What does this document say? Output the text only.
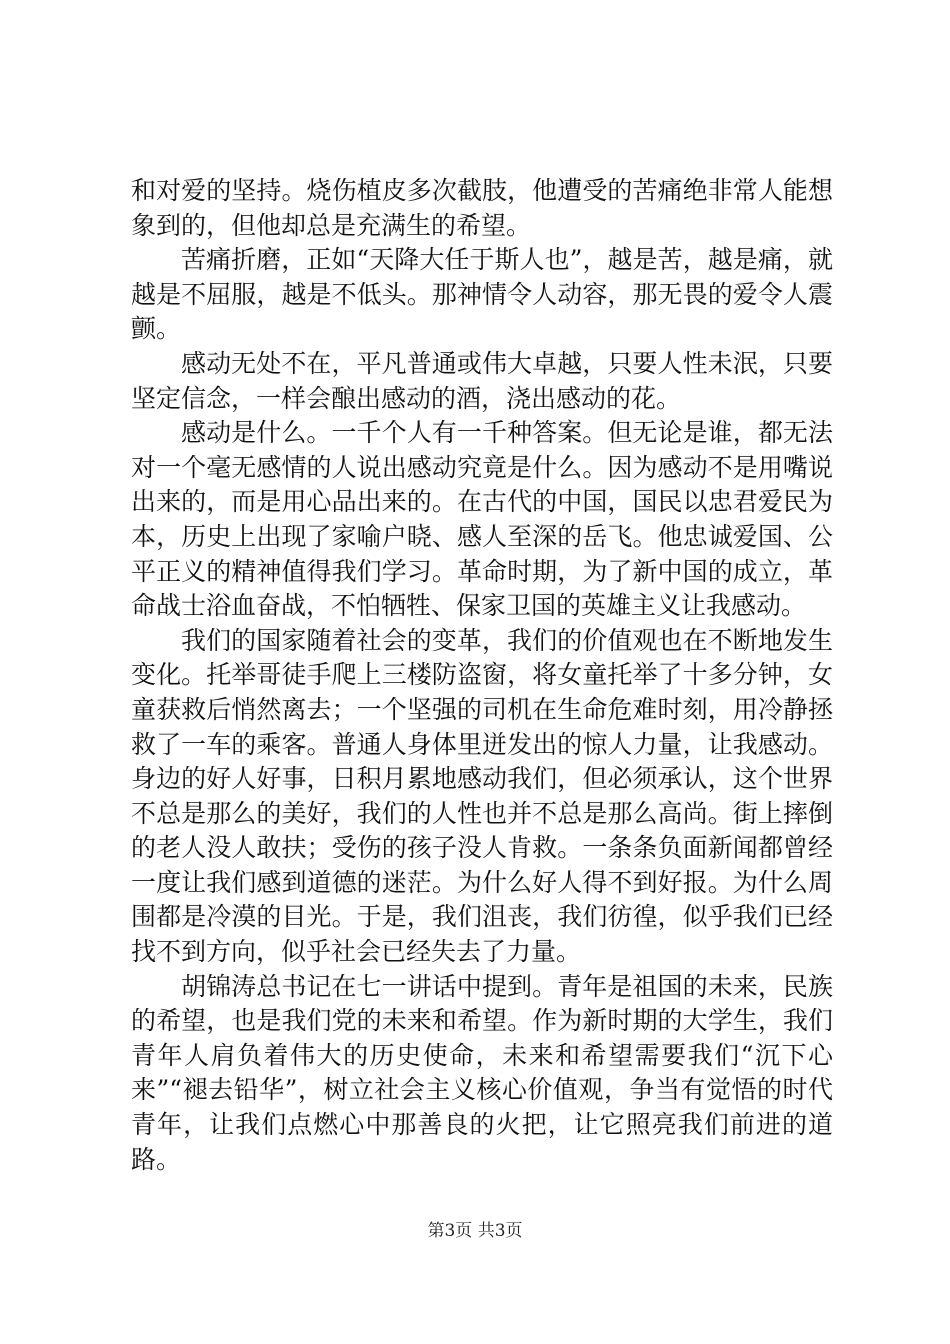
和对爱的坚持。烧伤植皮多次截肢，他遭受的苦痛绝非常人能想象到的，但他却总是充满生的希望。

苦痛折磨，正如“天降大任于斯人也”，越是苦，越是痛，就越是不屈服，越是不低头。那神情令人动容，那无畏的爱令人震颤。

感动无处不在，平凡普通或伟大卓越，只要人性未泯，只要坚定信念，一样会酿出感动的酒，浇出感动的花。

感动是什么。一千个人有一千种答案。但无论是谁，都无法对一个毫无感情的人说出感动究竟是什么。因为感动不是用嘴说出来的，而是用心品出来的。在古代的中国，国民以忠君爱民为本，历史上出现了家喻户晓、感人至深的岳飞。他忠诚爱国、公平正义的精神值得我们学习。革命时期，为了新中国的成立，革命战士浴血奋战，不怕牺牲、保家卫国的英雄主义让我感动。

我们的国家随着社会的变革，我们的价值观也在不断地发生变化。托举哥徒手爬上三楼防盗窗，将女童托举了十多分钟，女童获救后悄然离去；一个坚强的司机在生命危难时刻，用冷静拯救了一车的乘客。普通人身体里迸发出的惊人力量，让我感动。身边的好人好事，日积月累地感动我们，但必须承认，这个世界不总是那么的美好，我们的人性也并不总是那么高尚。街上摔倒的老人没人敢扶；受伤的孩子没人肯救。一条条负面新闻都曾经一度让我们感到道德的迷茫。为什么好人得不到好报。为什么周围都是冷漠的目光。于是，我们沮丧，我们彷徨，似乎我们已经找不到方向，似乎社会已经失去了力量。

胡锦涛总书记在七一讲话中提到。青年是祖国的未来，民族的希望，也是我们党的未来和希望。作为新时期的大学生，我们青年人肩负着伟大的历史使命，未来和希望需要我们“沉下心来”“褪去铅华”，树立社会主义核心价值观，争当有觉悟的时代青年，让我们点燃心中那善良的火把，让它照亮我们前进的道路。

第3页 共3页
